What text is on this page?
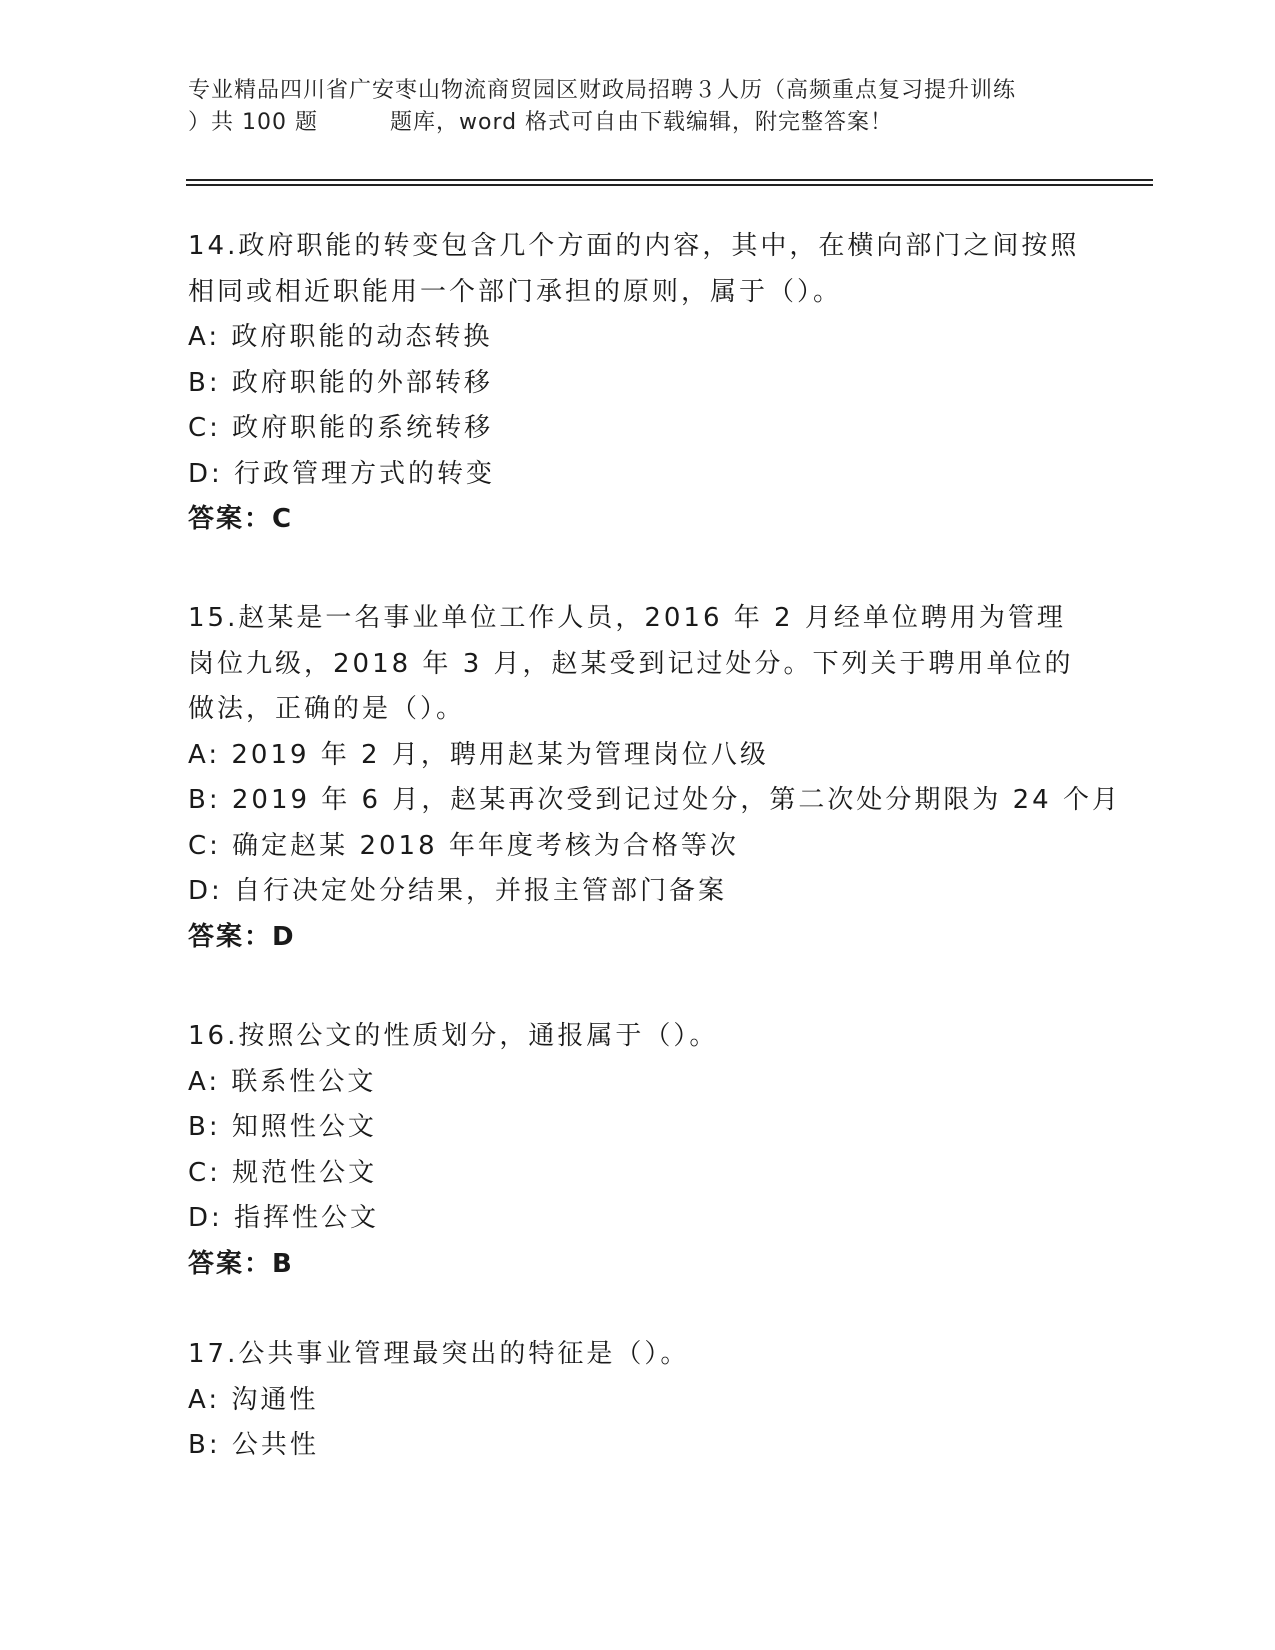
专业精品四川省广安枣山物流商贸园区财政局招聘３人历（高频重点复习提升训练
）共 100 题	题库，word 格式可自由下载编辑，附完整答案！
14.政府职能的转变包含几个方面的内容，其中，在横向部门之间按照相同或相近职能用一个部门承担的原则，属于（）。
A: 政府职能的动态转换
B: 政府职能的外部转移
C: 政府职能的系统转移
D: 行政管理方式的转变
答案：C
15.赵某是一名事业单位工作人员，2016 年 2 月经单位聘用为管理岗位九级，2018 年 3 月，赵某受到记过处分。下列关于聘用单位的做法，正确的是（）。
A: 2019 年 2 月，聘用赵某为管理岗位八级
B: 2019 年 6 月，赵某再次受到记过处分，第二次处分期限为 24 个月
C: 确定赵某 2018 年年度考核为合格等次
D: 自行决定处分结果，并报主管部门备案
答案：D
16.按照公文的性质划分，通报属于（）。
A: 联系性公文
B: 知照性公文
C: 规范性公文
D: 指挥性公文
答案：B
17.公共事业管理最突出的特征是（）。
A: 沟通性
B: 公共性
